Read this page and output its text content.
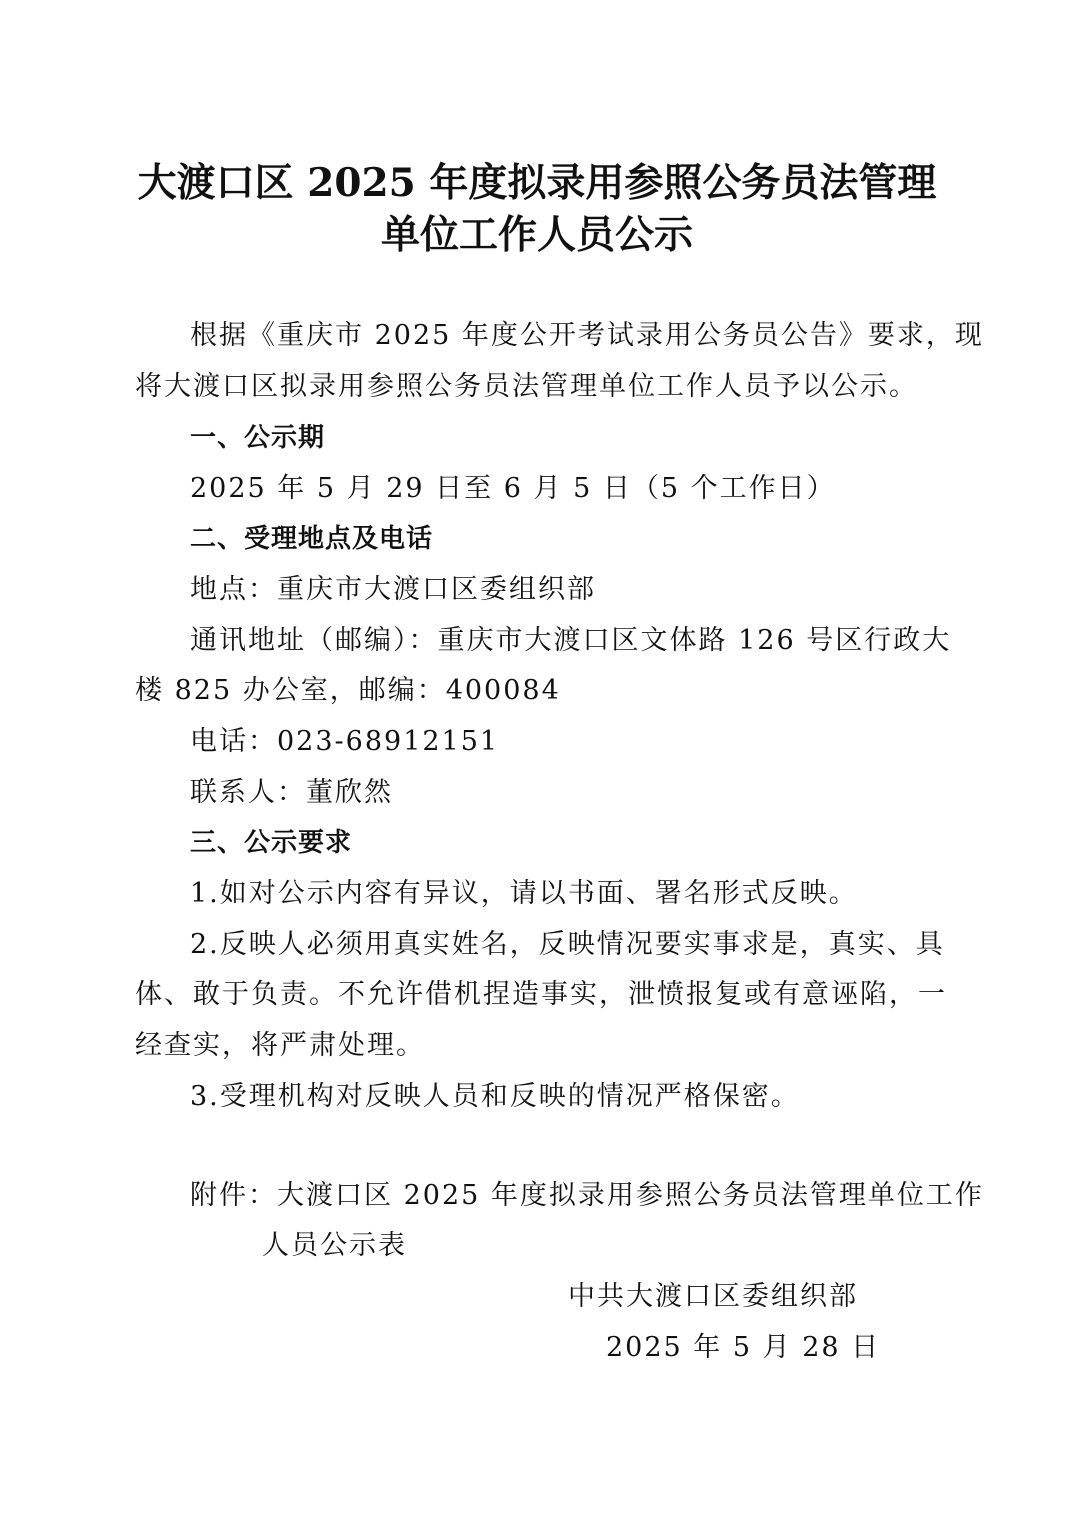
大渡口区 2025 年度拟录用参照公务员法管理
单位工作人员公示
根据《重庆市 2025 年度公开考试录用公务员公告》要求，现
将大渡口区拟录用参照公务员法管理单位工作人员予以公示。
一、公示期
2025 年 5 月 29 日至 6 月 5 日（5 个工作日）
二、受理地点及电话
地点：重庆市大渡口区委组织部
通讯地址（邮编）：重庆市大渡口区文体路 126 号区行政大
楼 825 办公室，邮编：400084
电话：023-68912151
联系人：董欣然
三、公示要求
1.如对公示内容有异议，请以书面、署名形式反映。
2.反映人必须用真实姓名，反映情况要实事求是，真实、具
体、敢于负责。不允许借机捏造事实，泄愤报复或有意诬陷，一
经查实，将严肃处理。
3.受理机构对反映人员和反映的情况严格保密。
附件：大渡口区 2025 年度拟录用参照公务员法管理单位工作
人员公示表
中共大渡口区委组织部
2025 年 5 月 28 日
